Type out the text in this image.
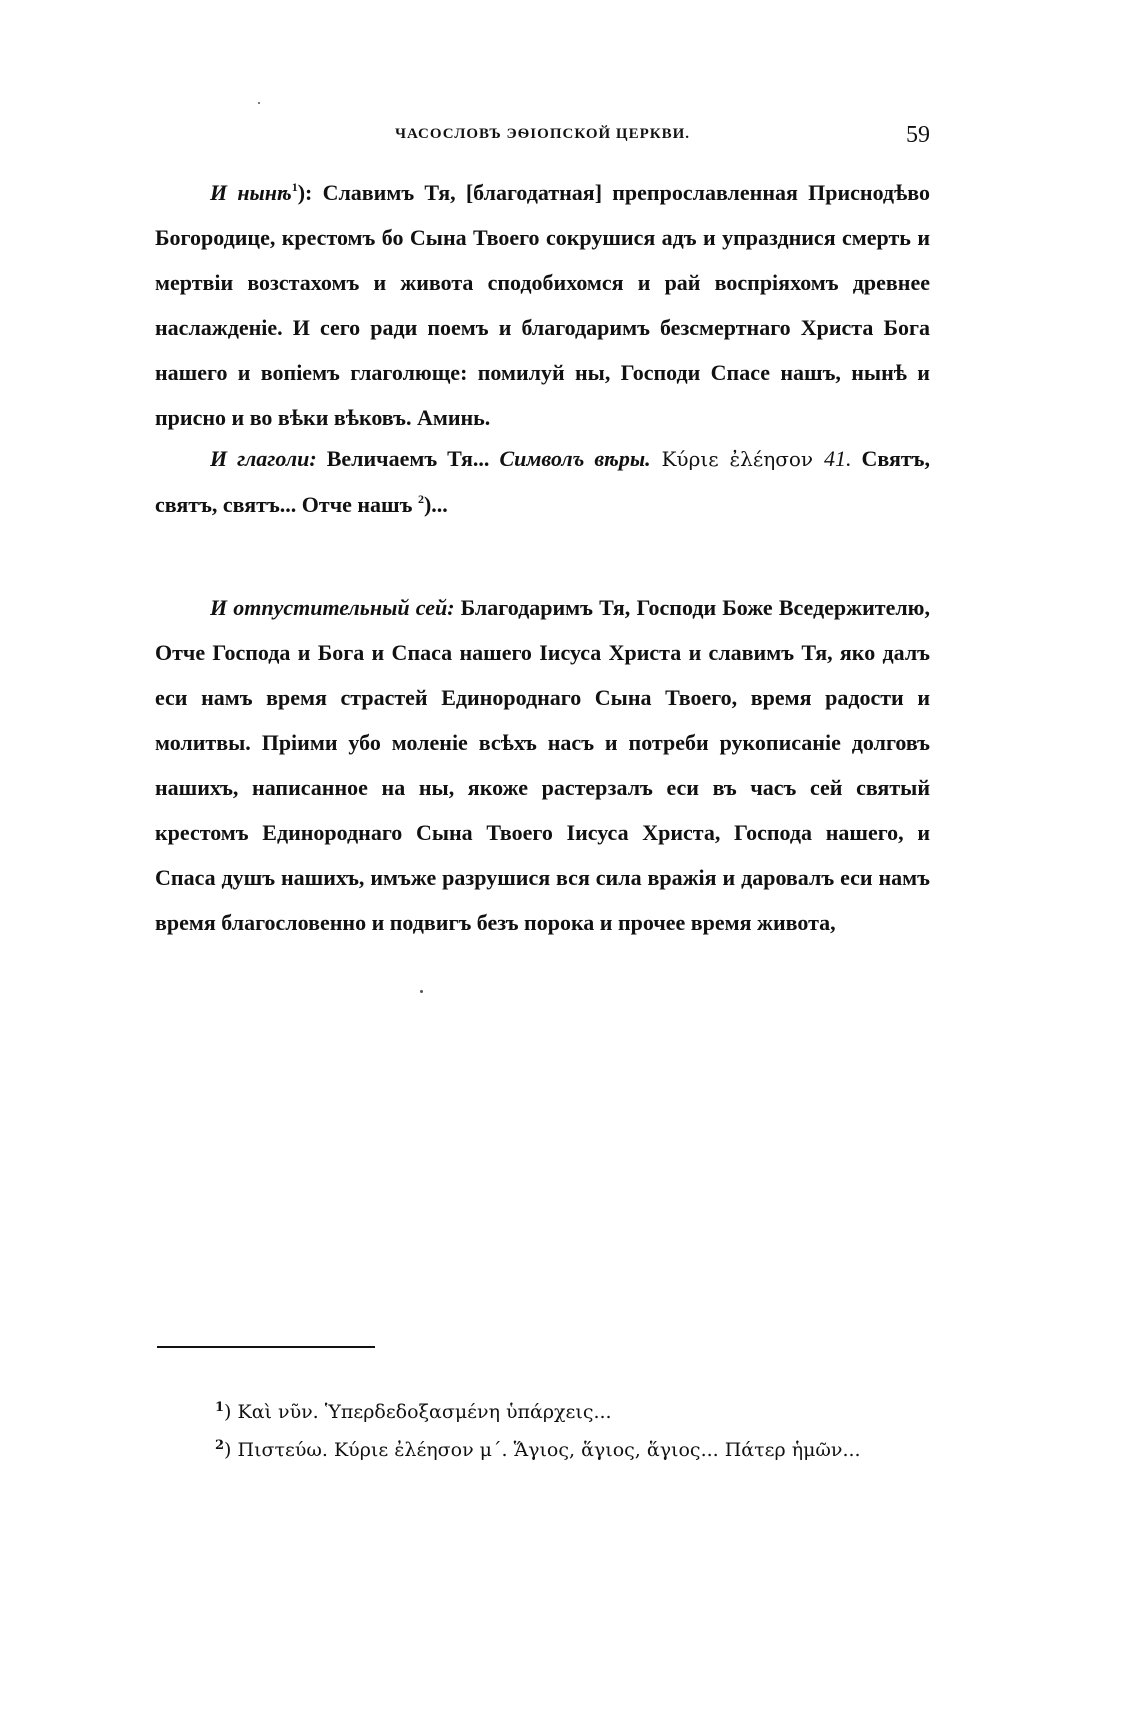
ЧАСОСЛОВЪ ЭѲІОПСКОЙ ЦЕРКВИ.	59

И нынѣ$^1$): Славимъ Тя, [благодатная] препрославленная Приснодѣво Богородице, крестомъ бо Сына Твоего сокрушися адъ и упразднися смерть и мертвіи возстахомъ и живота сподобихомся и рай воспріяхомъ древнее наслажденіе. И сего ради поемъ и благодаримъ безсмертнаго Христа Бога нашего и вопіемъ глаголюще: помилуй ны, Господи Спасе нашъ, нынѣ и присно и во вѣки вѣковъ. Аминь.

И глаголи: Величаемъ Тя... Символъ вѣры. Κύριε ἐλέησον 41. Святъ, святъ, святъ... Отче нашъ $^2$)...

И отпустительный сей: Благодаримъ Тя, Господи Боже Вседержителю, Отче Господа и Бога и Спаса нашего Іисуса Христа и славимъ Тя, яко далъ еси намъ время страстей Единороднаго Сына Твоего, время радости и молитвы. Пріими убо моленіе всѣхъ насъ и потреби рукописаніе долговъ нашихъ, написанное на ны, якоже растерзалъ еси въ часъ сей святый крестомъ Единороднаго Сына Твоего Іисуса Христа, Господа нашего, и Спаса душъ нашихъ, имъже разрушися вся сила вражія и даровалъ еси намъ время благословенно и подвигъ безъ порока и прочее время живота,

$^1$) Καὶ νῦν. Ὑπερδεδοξασμένη ὑπάρχεις...
$^2$) Πιστεύω. Κύριε ἐλέησον μ΄. Ἅγιος, ἅγιος, ἅγιος... Πάτερ ἡμῶν...
